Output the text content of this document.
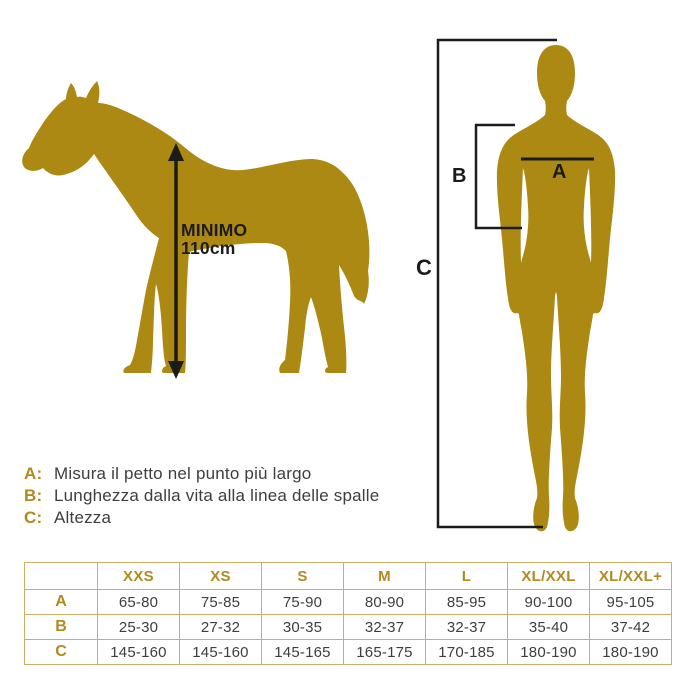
MINIMO
110cm
A
B
C
A: Misura il petto nel punto più largo
B: Lunghezza dalla vita alla linea delle spalle
C: Altezza
	XXS	XS	S	M	L	XL/XXL	XL/XXL+
A	65-80	75-85	75-90	80-90	85-95	90-100	95-105
B	25-30	27-32	30-35	32-37	32-37	35-40	37-42
C	145-160	145-160	145-165	165-175	170-185	180-190	180-190
